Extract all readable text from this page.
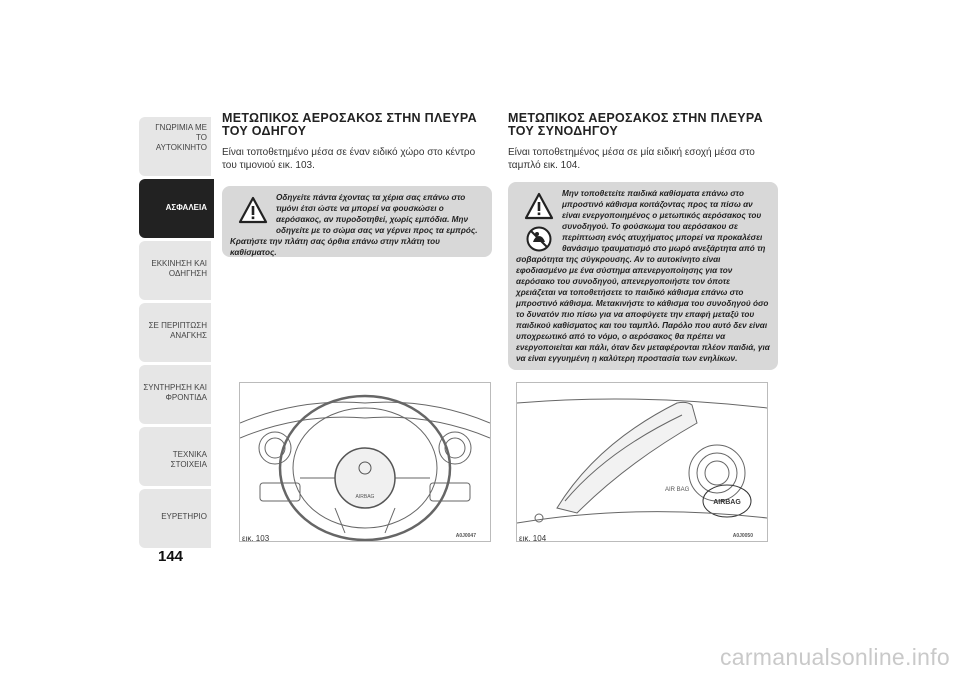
ΓΝΩΡΙΜΙΑ ΜΕ ΤΟ
ΑΥΤΟΚΙΝΗΤΟ
ΑΣΦΑΛΕΙΑ
ΕΚΚΙΝΗΣΗ ΚΑΙ
ΟΔΗΓΗΣΗ
ΣΕ ΠΕΡΙΠΤΩΣΗ
ΑΝΑΓΚΗΣ
ΣΥΝΤΗΡΗΣΗ ΚΑΙ
ΦΡΟΝΤΙΔΑ
ΤΕΧΝΙΚΑ ΣΤΟΙΧΕΙΑ
ΕΥΡΕΤΗΡΙΟ
144

ΜΕΤΩΠΙΚΟΣ ΑΕΡΟΣΑΚΟΣ ΣΤΗΝ ΠΛΕΥΡΑ
ΤΟΥ ΟΔΗΓΟΥ

Είναι τοποθετημένο μέσα σε έναν ειδικό χώρο στο κέντρο του τιμονιού εικ. 103.

Οδηγείτε πάντα έχοντας τα χέρια σας επάνω στο τιμόνι έτσι ώστε να μπορεί να φουσκώσει ο αερόσακος, αν πυροδοτηθεί, χωρίς εμπόδια. Μην οδηγείτε με το σώμα σας να γέρνει προς τα εμπρός. Κρατήστε την πλάτη σας όρθια επάνω στην πλάτη του καθίσματος.

ΜΕΤΩΠΙΚΟΣ ΑΕΡΟΣΑΚΟΣ ΣΤΗΝ ΠΛΕΥΡΑ
ΤΟΥ ΣΥΝΟΔΗΓΟΥ

Είναι τοποθετημένος μέσα σε μία ειδική εσοχή μέσα στο ταμπλό εικ. 104.

Μην τοποθετείτε παιδικά καθίσματα επάνω στο μπροστινό κάθισμα κοιτάζοντας προς τα πίσω αν είναι ενεργοποιημένος ο μετωπικός αερόσακος του συνοδηγού. Το φούσκωμα του αερόσακου σε περίπτωση ενός ατυχήματος μπορεί να προκαλέσει θανάσιμο τραυματισμό στο μωρό ανεξάρτητα από τη σοβαρότητα της σύγκρουσης. Αν το αυτοκίνητο είναι εφοδιασμένο με ένα σύστημα απενεργοποίησης για τον αερόσακο του συνοδηγού, απενεργοποιήστε τον όποτε χρειάζεται να τοποθετήσετε το παιδικό κάθισμα επάνω στο μπροστινό κάθισμα. Μετακινήστε το κάθισμα του συνοδηγού όσο το δυνατόν πιο πίσω για να αποφύγετε την επαφή μεταξύ του παιδικού καθίσματος και του ταμπλό. Παρόλο που αυτό δεν είναι υποχρεωτικό από το νόμο, ο αερόσακος θα πρέπει να ενεργοποιείται και πάλι, όταν δεν μεταφέρονται πλέον παιδιά, για να είναι εγγυημένη η καλύτερη προστασία των ενηλίκων.
AIRBAG
εικ. 103	A0J0047
AIR BAG
AIRBAG
εικ. 104	A0J0050
carmanualsonline.info
